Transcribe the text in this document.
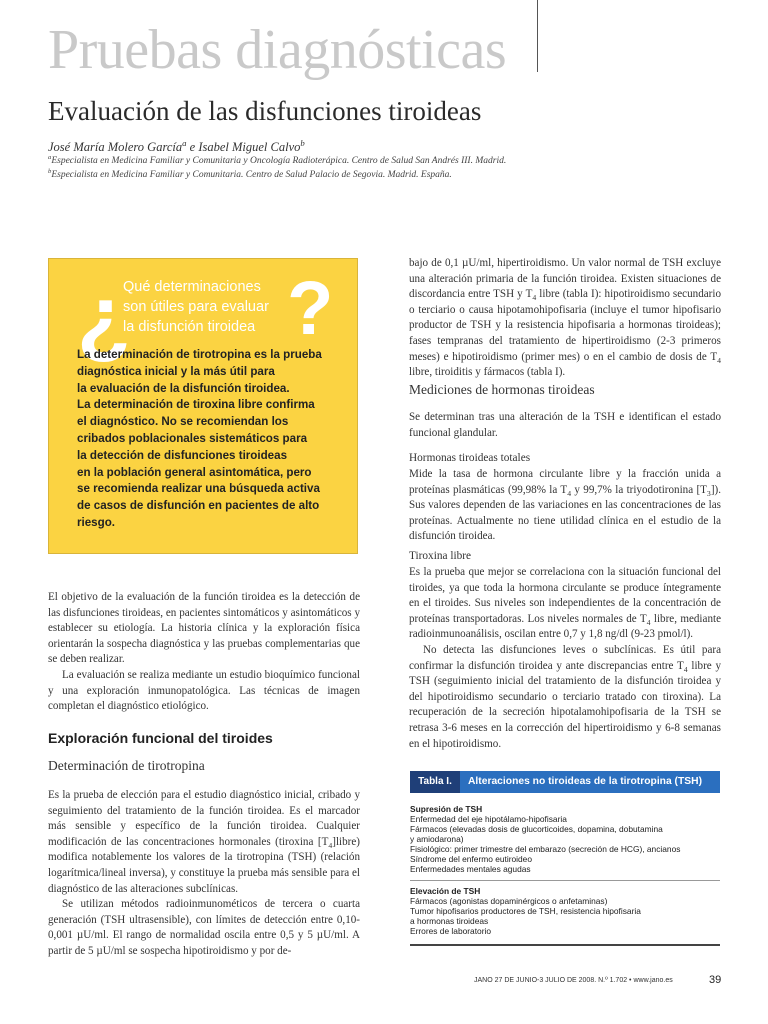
Pruebas diagnósticas
Evaluación de las disfunciones tiroideas
José María Molero García$^a$ e Isabel Miguel Calvo$^b$
$^a$Especialista en Medicina Familiar y Comunitaria y Oncología Radioterápica. Centro de Salud San Andrés III. Madrid.
$^b$Especialista en Medicina Familiar y Comunitaria. Centro de Salud Palacio de Segovia. Madrid. España.
¿
Qué determinaciones son útiles para evaluar la disfunción tiroidea ?
La determinación de tirotropina es la prueba
diagnóstica inicial y la más útil para
la evaluación de la disfunción tiroidea.
La determinación de tiroxina libre confirma
el diagnóstico. No se recomiendan los
cribados poblacionales sistemáticos para
la detección de disfunciones tiroideas
en la población general asintomática, pero
se recomienda realizar una búsqueda activa
de casos de disfunción en pacientes de alto
riesgo.

El objetivo de la evaluación de la función tiroidea es la detección de las disfunciones tiroideas, en pacientes sintomáticos y asintomáticos y establecer su etiología. La historia clínica y la exploración física orientarán la sospecha diagnóstica y las pruebas complementarias que se deben realizar.

La evaluación se realiza mediante un estudio bioquímico funcional y una exploración inmunopatológica. Las técnicas de imagen completan el diagnóstico etiológico.

Exploración funcional del tiroides
Determinación de tirotropina

Es la prueba de elección para el estudio diagnóstico inicial, cribado y seguimiento del tratamiento de la función tiroidea. Es el marcador más sensible y específico de la función tiroidea. Cualquier modificación de las concentraciones hormonales (tiroxina $[T_4]libre$) modifica notablemente los valores de la tirotropina (TSH) (relación logarítmica/lineal inversa), y constituye la prueba más sensible para el diagnóstico de las alteraciones subclínicas.

Se utilizan métodos radioinmunométicos de tercera o cuarta generación (TSH ultrasensible), con límites de detección entre 0,10-0,001 µU/ml. El rango de normalidad oscila entre 0,5 y 5 µU/ml. A partir de 5 µU/ml se sospecha hipotiroidismo y por de-

bajo de 0,1 µU/ml, hipertiroidismo. Un valor normal de TSH excluye una alteración primaria de la función tiroidea. Existen situaciones de discordancia entre TSH y $T_4$ libre (tabla I): hipotiroidismo secundario o terciario o causa hipotamohipofisaria (incluye el tumor hipofisario productor de TSH y la resistencia hipofisaria a hormonas tiroideas); fases tempranas del tratamiento de hipertiroidismo (2-3 primeros meses) e hipotiroidismo (primer mes) o en el cambio de dosis de $T_4$ libre, tiroiditis y fármacos (tabla I).

Mediciones de hormonas tiroideas

Se determinan tras una alteración de la TSH e identifican el estado funcional glandular.

Hormonas tiroideas totales

Mide la tasa de hormona circulante libre y la fracción unida a proteínas plasmáticas (99,98% la $T_4$ y 99,7% la triyodotironina $[T_3]$). Sus valores dependen de las variaciones en las concentraciones de las proteínas. Actualmente no tiene utilidad clínica en el estudio de la disfunción tiroidea.

Tiroxina libre

Es la prueba que mejor se correlaciona con la situación funcional del tiroides, ya que toda la hormona circulante se produce íntegramente en el tiroides. Sus niveles son independientes de la concentración de proteínas transportadoras. Los niveles normales de $T_4$ libre, mediante radioinmunoanálisis, oscilan entre 0,7 y 1,8 ng/dl (9-23 pmol/l).

No detecta las disfunciones leves o subclínicas. Es útil para confirmar la disfunción tiroidea y ante discrepancias entre $T_4$ libre y TSH (seguimiento inicial del tratamiento de la disfunción tiroidea y del hipotiroidismo secundario o terciario tratado con tiroxina). La recuperación de la secreción hipotalamohipofisaria de la TSH se retrasa 3-6 meses en la corrección del hipertiroidismo y 6-8 semanas en el hipotiroidismo.

Tabla I.	Alteraciones no tiroideas de la tirotropina (TSH)
Supresión de TSH
Enfermedad del eje hipotálamo-hipofisaria
Fármacos (elevadas dosis de glucorticoides, dopamina, dobutamina
y amiodarona)
Fisiológico: primer trimestre del embarazo (secreción de HCG), ancianos
Síndrome del enfermo eutiroideo
Enfermedades mentales agudas
Elevación de TSH
Fármacos (agonistas dopaminérgicos o anfetaminas)
Tumor hipofisarios productores de TSH, resistencia hipofisaria
a hormonas tiroideas
Errores de laboratorio
JANO 27 DE JUNIO-3 JULIO DE 2008. N.º 1.702 • www.jano.es	39
